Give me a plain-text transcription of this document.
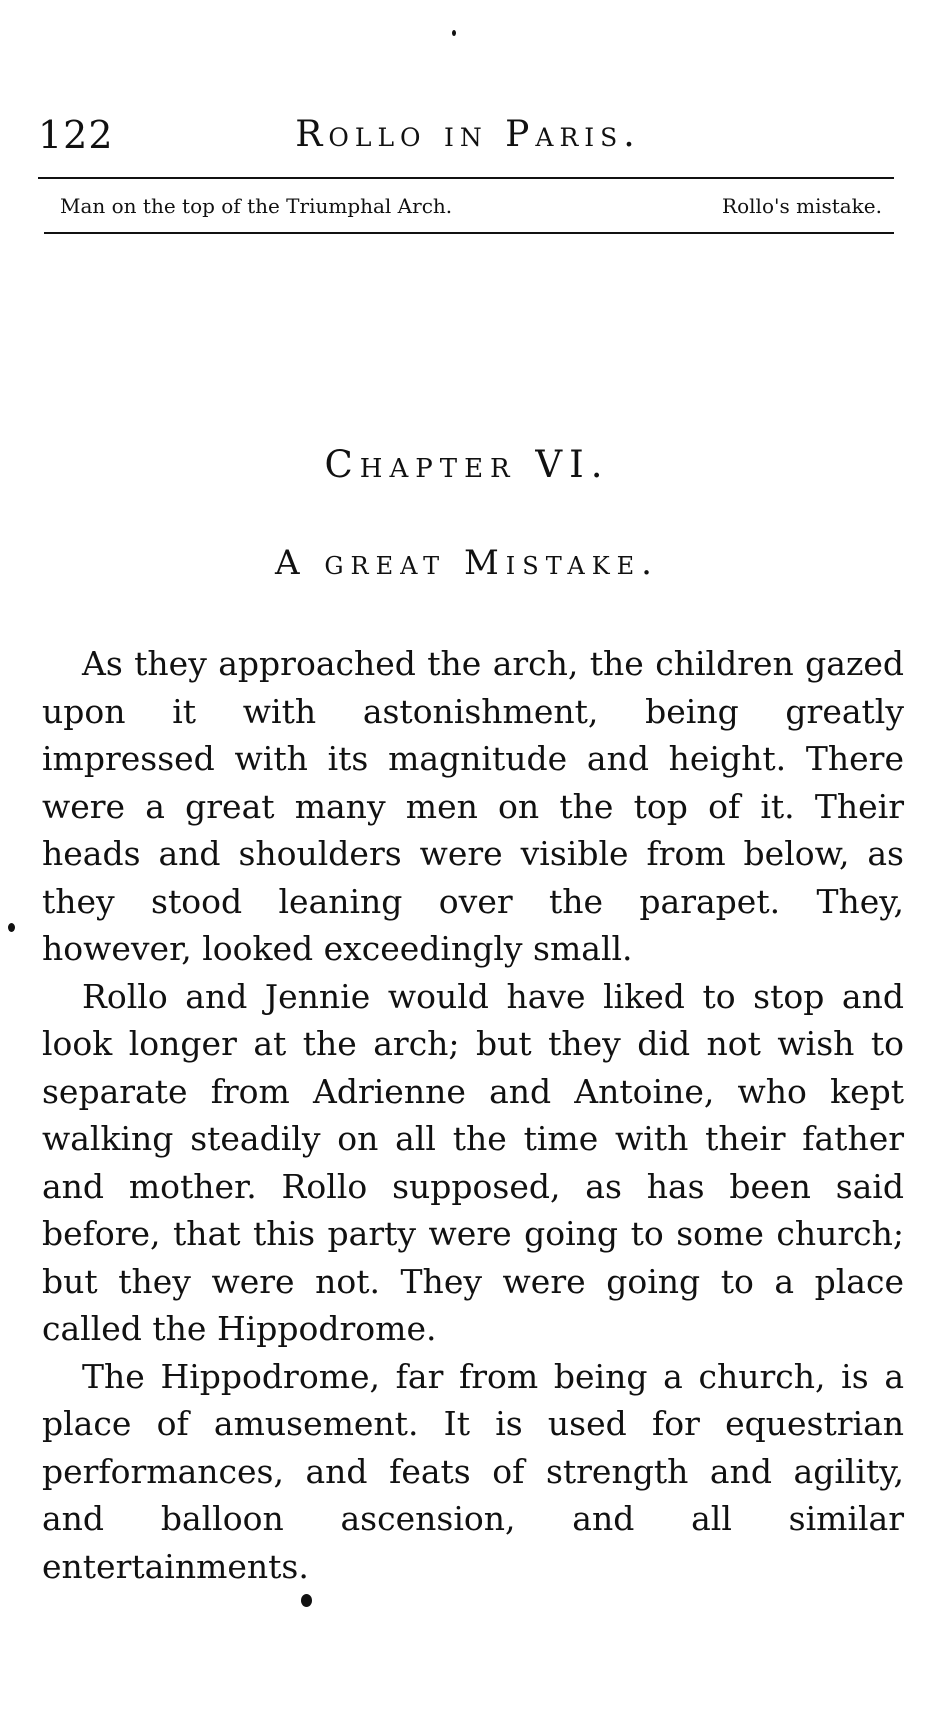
122	Rollo in Paris.
Man on the top of the Triumphal Arch.	Rollo's mistake.
Chapter VI.
A great Mistake.

As they approached the arch, the children gazed upon it with astonishment, being greatly impressed with its magnitude and height. There were a great many men on the top of it. Their heads and shoulders were visible from below, as they stood leaning over the parapet. They, however, looked exceedingly small.

Rollo and Jennie would have liked to stop and look longer at the arch; but they did not wish to separate from Adrienne and Antoine, who kept walking steadily on all the time with their father and mother. Rollo supposed, as has been said before, that this party were going to some church; but they were not. They were going to a place called the Hippodrome.

The Hippodrome, far from being a church, is a place of amusement. It is used for equestrian performances, and feats of strength and agility, and balloon ascension, and all similar entertainments.
